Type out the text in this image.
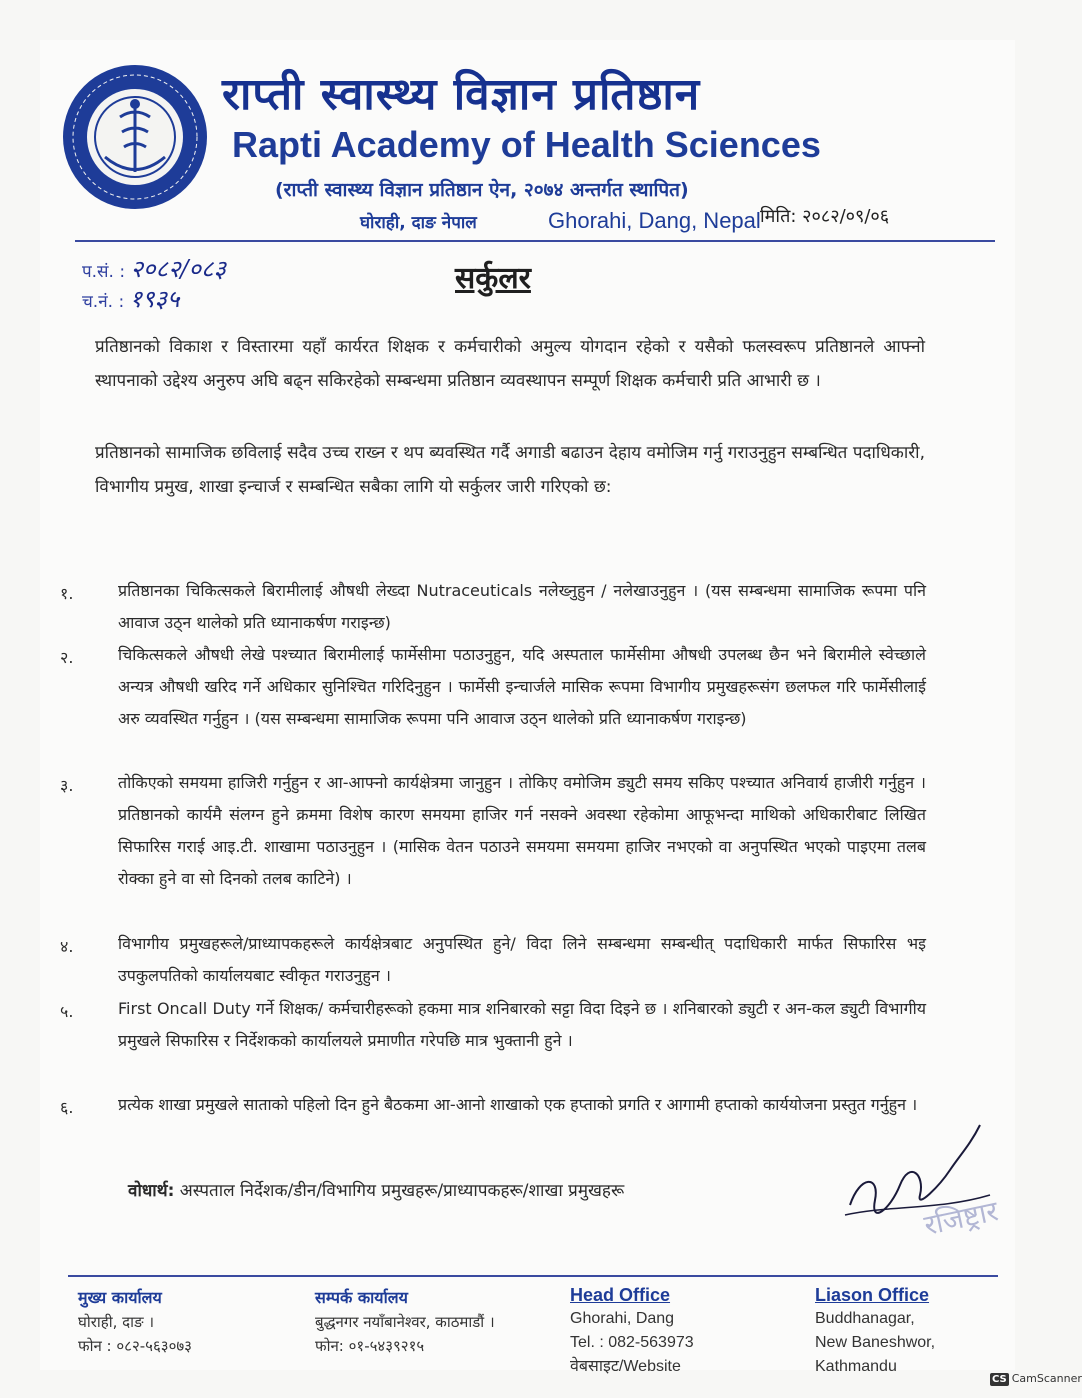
राप्ती स्वास्थ्य विज्ञान प्रतिष्ठान
Rapti Academy of Health Sciences
(राप्ती स्वास्थ्य विज्ञान प्रतिष्ठान ऐन, २०७४ अन्तर्गत स्थापित)
घोराही, दाङ नेपाल	Ghorahi, Dang, Nepal मिति: २०८२/०९/०६
प.सं. : २०८२/०८३
च.नं. : १९३५
सर्कुलर
प्रतिष्ठानको विकाश र विस्तारमा यहाँ कार्यरत शिक्षक र कर्मचारीको अमुल्य योगदान रहेको र यसैको फलस्वरूप प्रतिष्ठानले आफ्नो स्थापनाको उद्देश्य अनुरुप अघि बढ्न सकिरहेको सम्बन्धमा प्रतिष्ठान व्यवस्थापन सम्पूर्ण शिक्षक कर्मचारी प्रति आभारी छ ।
प्रतिष्ठानको सामाजिक छविलाई सदैव उच्च राख्न र थप ब्यवस्थित गर्दै अगाडी बढाउन देहाय वमोजिम गर्नु गराउनुहुन सम्बन्धित पदाधिकारी, विभागीय प्रमुख, शाखा इन्चार्ज र सम्बन्धित सबैका लागि यो सर्कुलर जारी गरिएको छ:
१.	प्रतिष्ठानका चिकित्सकले बिरामीलाई औषधी लेख्दा Nutraceuticals नलेख्नुहुन / नलेखाउनुहुन । (यस सम्बन्धमा सामाजिक रूपमा पनि आवाज उठ्न थालेको प्रति ध्यानाकर्षण गराइन्छ)
२.	चिकित्सकले औषधी लेखे पश्च्यात बिरामीलाई फार्मेसीमा पठाउनुहुन, यदि अस्पताल फार्मेसीमा औषधी उपलब्ध छैन भने बिरामीले स्वेच्छाले अन्यत्र औषधी खरिद गर्ने अधिकार सुनिश्चित गरिदिनुहुन । फार्मेसी इन्चार्जले मासिक रूपमा विभागीय प्रमुखहरूसंग छलफल गरि फार्मेसीलाई अरु व्यवस्थित गर्नुहुन । (यस सम्बन्धमा सामाजिक रूपमा पनि आवाज उठ्न थालेको प्रति ध्यानाकर्षण गराइन्छ)
३.	तोकिएको समयमा हाजिरी गर्नुहुन र आ-आफ्नो कार्यक्षेत्रमा जानुहुन । तोकिए वमोजिम ड्युटी समय सकिए पश्च्यात अनिवार्य हाजीरी गर्नुहुन । प्रतिष्ठानको कार्यमै संलग्न हुने क्रममा विशेष कारण समयमा हाजिर गर्न नसक्ने अवस्था रहेकोमा आफूभन्दा माथिको अधिकारीबाट लिखित सिफारिस गराई आइ.टी. शाखामा पठाउनुहुन । (मासिक वेतन पठाउने समयमा समयमा हाजिर नभएको वा अनुपस्थित भएको पाइएमा तलब रोक्का हुने वा सो दिनको तलब काटिने) ।
४.	विभागीय प्रमुखहरूले/प्राध्यापकहरूले कार्यक्षेत्रबाट अनुपस्थित हुने/ विदा लिने सम्बन्धमा सम्बन्धीत् पदाधिकारी मार्फत सिफारिस भइ उपकुलपतिको कार्यालयबाट स्वीकृत गराउनुहुन ।
५.	First Oncall Duty गर्ने शिक्षक/ कर्मचारीहरूको हकमा मात्र शनिबारको सट्टा विदा दिइने छ । शनिबारको ड्युटी र अन-कल ड्युटी विभागीय प्रमुखले सिफारिस र निर्देशकको कार्यालयले प्रमाणीत गरेपछि मात्र भुक्तानी हुने ।
६.	प्रत्येक शाखा प्रमुखले साताको पहिलो दिन हुने बैठकमा आ-आनो शाखाको एक हप्ताको प्रगति र आगामी हप्ताको कार्ययोजना प्रस्तुत गर्नुहुन ।
वोधार्थ: अस्पताल निर्देशक/डीन/विभागिय प्रमुखहरू/प्राध्यापकहरू/शाखा प्रमुखहरू
रजिष्ट्रार
मुख्य कार्यालय
घोराही, दाङ ।
फोन : ०८२-५६३०७३
सम्पर्क कार्यालय
बुद्धनगर नयाँबानेश्वर, काठमाडौं ।
फोन: ०१-५४३९२१५
Head Office
Ghorahi, Dang
Tel. : 082-563973
वेबसाइट/Website
Liason Office
Buddhanagar,
New Baneshwor,
Kathmandu
CS CamScanner
